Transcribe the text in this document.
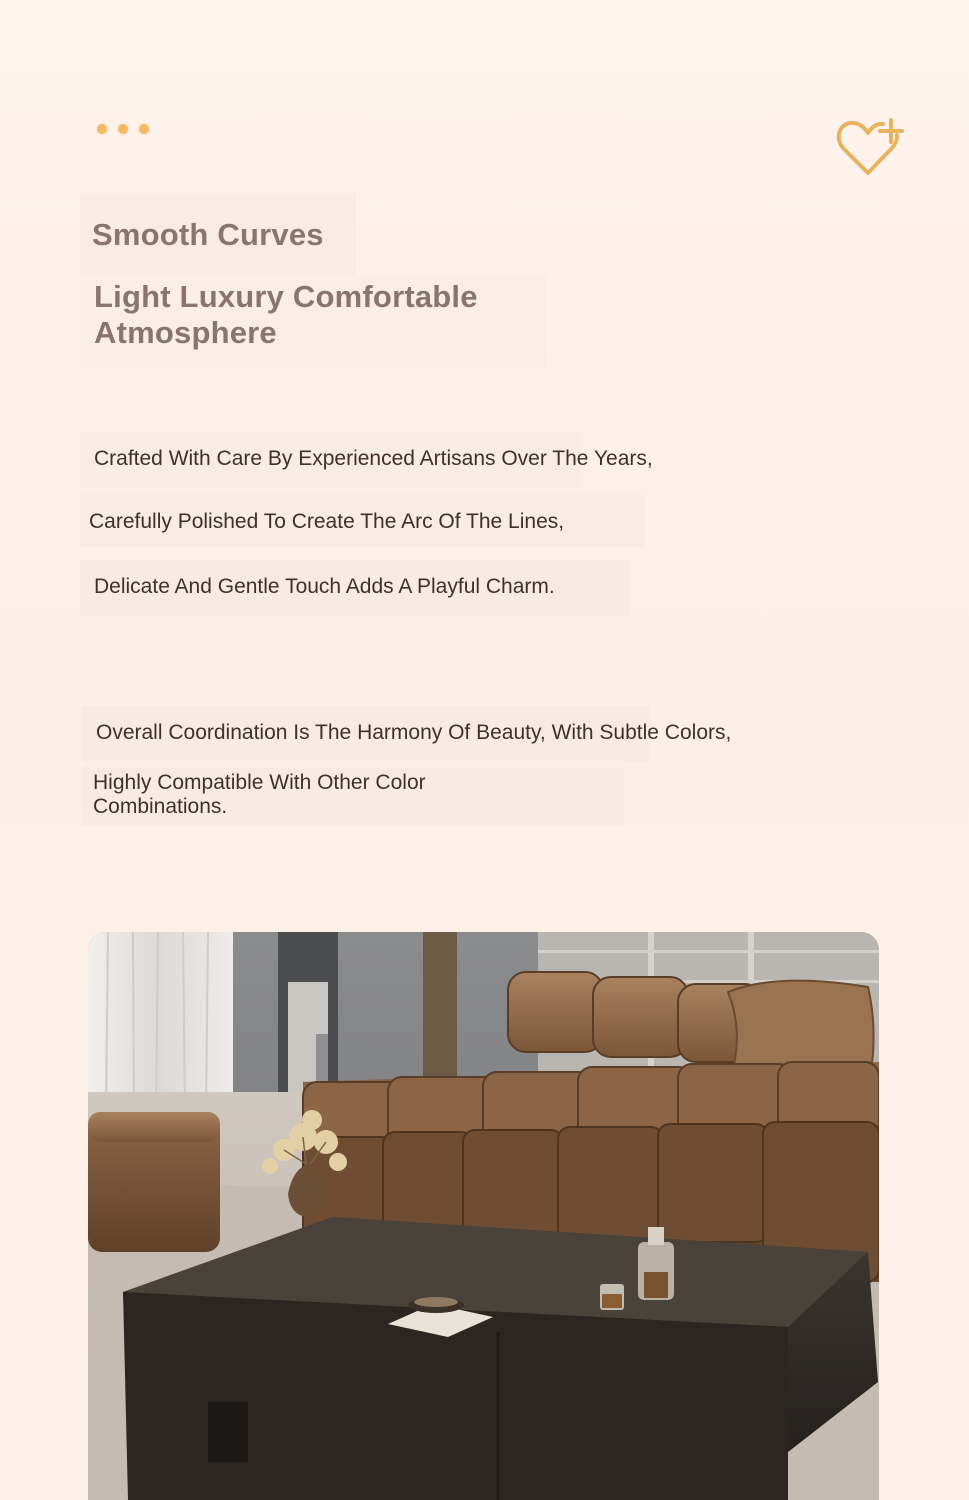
Smooth Curves
Light Luxury Comfortable Atmosphere
Crafted With Care By Experienced Artisans Over The Years,
Carefully Polished To Create The Arc Of The Lines,
Delicate And Gentle Touch Adds A Playful Charm.
Overall Coordination Is The Harmony Of Beauty, With Subtle Colors,
Highly Compatible With Other Color
Combinations.
